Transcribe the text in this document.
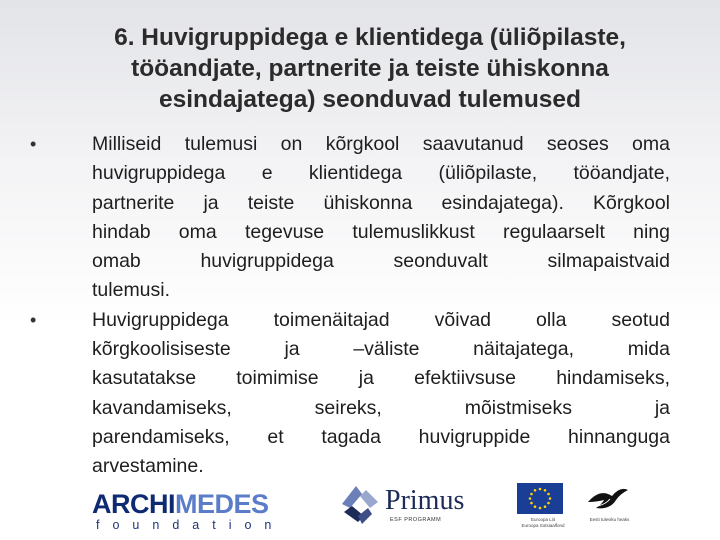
6. Huvigruppidega e klientidega (üliõpilaste,
tööandjate, partnerite ja teiste ühiskonna
esindajatega) seonduvad tulemused
•	Milliseid tulemusi on kõrgkool saavutanud seoses oma
huvigruppidega e klientidega (üliõpilaste, tööandjate,
partnerite ja teiste ühiskonna esindajatega). Kõrgkool
hindab oma tegevuse tulemuslikkust regulaarselt ning
omab huvigruppidega seonduvalt silmapaistvaid
tulemusi.
•	Huvigruppidega toimenäitajad võivad olla seotud
kõrgkoolisiseste ja –väliste näitajatega, mida
kasutatakse toimimise ja efektiivsuse hindamiseks,
kavandamiseks, seireks, mõistmiseks ja
parendamiseks, et tagada huvigruppide hinnanguga
arvestamine.
ARCHIMEDES
foundation
Primus
ESF PROGRAMM	Euroopa Liit
Euroopa Sotsiaalfond
Eesti tuleviku heaks
